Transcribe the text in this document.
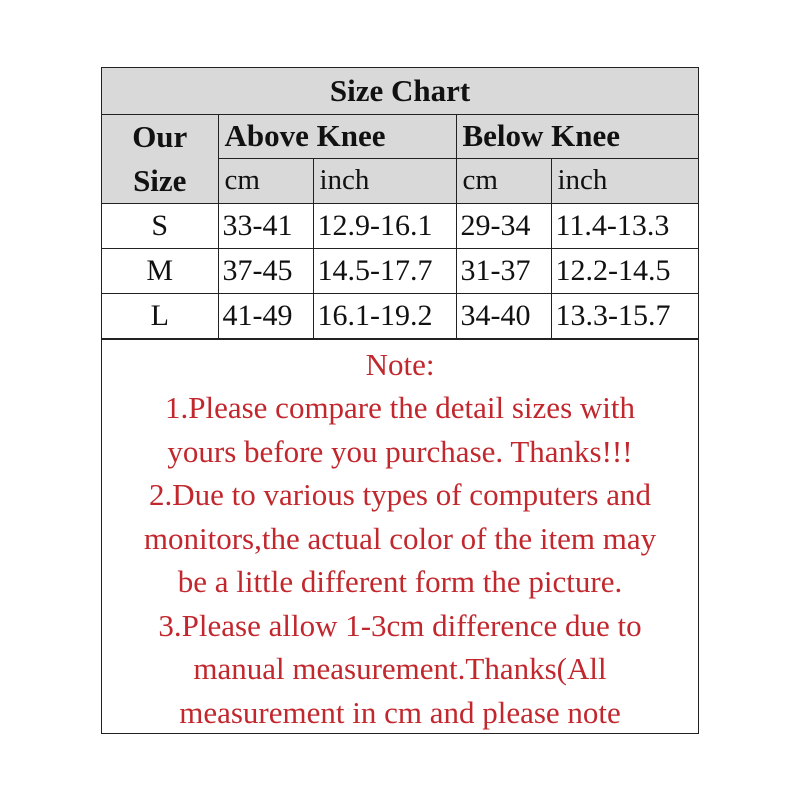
Size Chart				

Our
Size	Above Knee		Below Knee	
	cm	inch	cm	inch
S	33-41	12.9-16.1	29-34	11.4-13.3
M	37-45	14.5-17.7	31-37	12.2-14.5
L	41-49	16.1-19.2	34-40	13.3-15.7
Note:
1.Please compare the detail sizes with
yours before you purchase. Thanks!!!
2.Due to various types of computers and
monitors,the actual color of the item may
be a little different form the picture.
3.Please allow 1-3cm difference due to
manual measurement.Thanks(All
measurement in cm and please note
